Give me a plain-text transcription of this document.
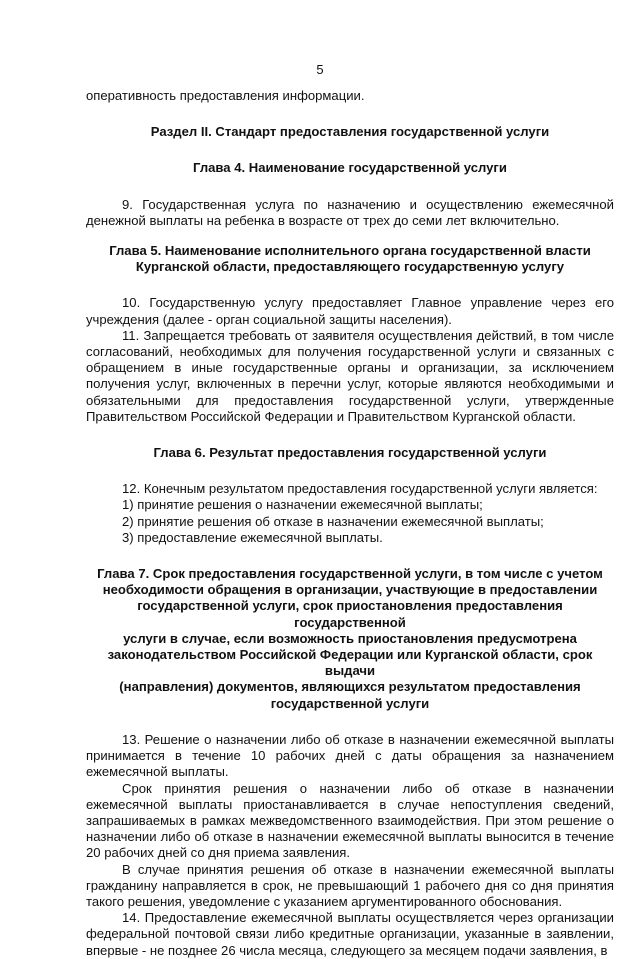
5

оперативность предоставления информации.

Раздел II. Стандарт предоставления государственной услуги

Глава 4. Наименование государственной услуги

9. Государственная услуга по назначению и осуществлению ежемесячной денежной выплаты на ребенка в возрасте от трех до семи лет включительно.

Глава 5. Наименование исполнительного органа государственной власти

Курганской области, предоставляющего государственную услугу

10. Государственную услугу предоставляет Главное управление через его учреждения (далее - орган социальной защиты населения).

11. Запрещается требовать от заявителя осуществления действий, в том числе согласований, необходимых для получения государственной услуги и связанных с обращением в иные государственные органы и организации, за исключением получения услуг, включенных в перечни услуг, которые являются необходимыми и обязательными для предоставления государственной услуги, утвержденные Правительством Российской Федерации и Правительством Курганской области.

Глава 6. Результат предоставления государственной услуги

12. Конечным результатом предоставления государственной услуги является:

1) принятие решения о назначении ежемесячной выплаты;

2) принятие решения об отказе в назначении ежемесячной выплаты;

3) предоставление ежемесячной выплаты.

Глава 7. Срок предоставления государственной услуги, в том числе с учетом

необходимости обращения в организации, участвующие в предоставлении

государственной услуги, срок приостановления предоставления государственной

услуги в случае, если возможность приостановления предусмотрена

законодательством Российской Федерации или Курганской области, срок выдачи

(направления) документов, являющихся результатом предоставления

государственной услуги

13. Решение о назначении либо об отказе в назначении ежемесячной выплаты принимается в течение 10 рабочих дней с даты обращения за назначением ежемесячной выплаты.

Срок принятия решения о назначении либо об отказе в назначении ежемесячной выплаты приостанавливается в случае непоступления сведений, запрашиваемых в рамках межведомственного взаимодействия. При этом решение о назначении либо об отказе в назначении ежемесячной выплаты выносится в течение 20 рабочих дней со дня приема заявления.

В случае принятия решения об отказе в назначении ежемесячной выплаты гражданину направляется в срок, не превышающий 1 рабочего дня со дня принятия такого решения, уведомление с указанием аргументированного обоснования.

14. Предоставление ежемесячной выплаты осуществляется через организации федеральной почтовой связи либо кредитные организации, указанные в заявлении, впервые - не позднее 26 числа месяца, следующего за месяцем подачи заявления, в
